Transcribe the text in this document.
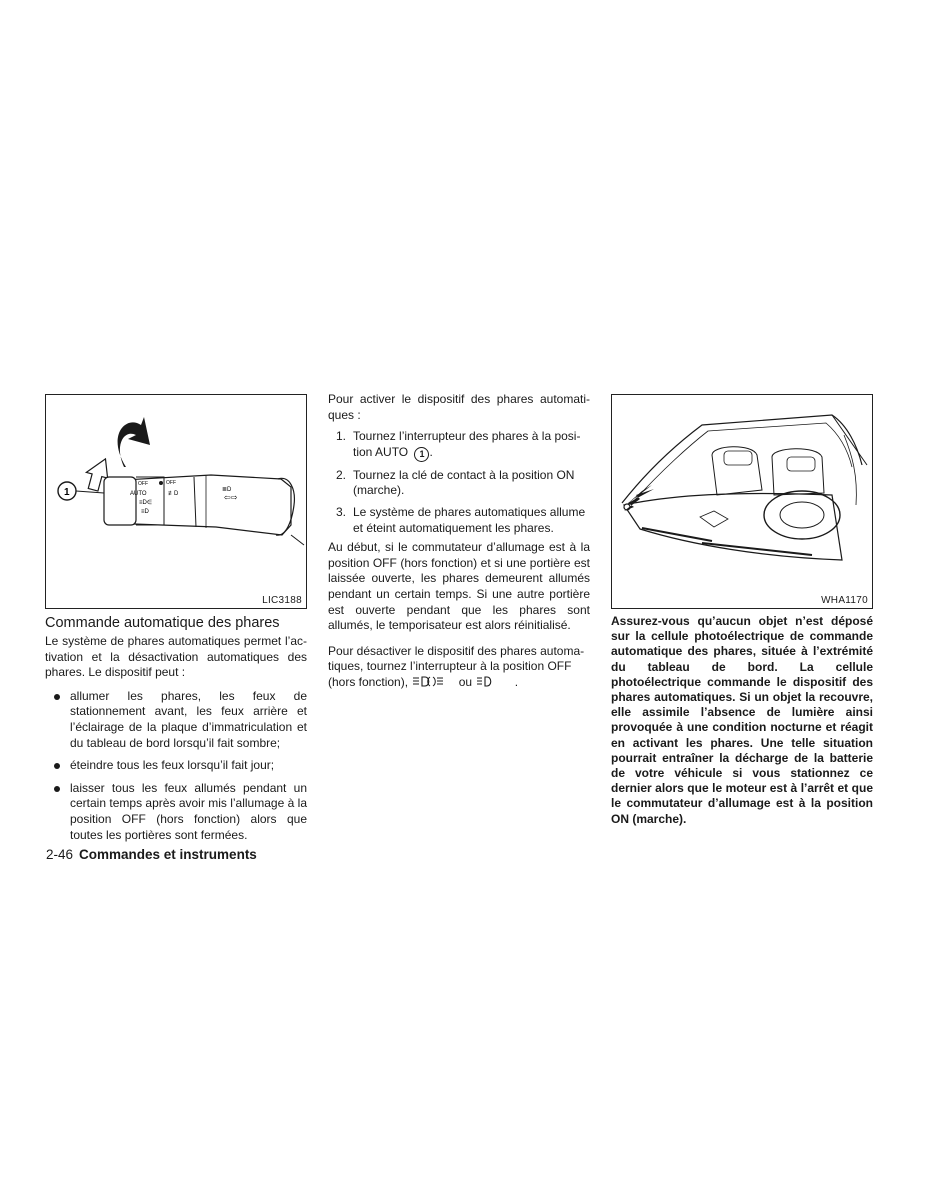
OFF
AUTO
OFF
≡D∈
≡D
≢D
≣D
⇦⇨
1
LIC3188	WHA1170
Commande automatique des phares

Le système de phares automatiques permet l’activation et la désactivation automatiques des phares. Le dispositif peut :

allumer les phares, les feux de stationnement avant, les feux arrière et l’éclairage de la plaque d’immatriculation et du tableau de bord lorsqu’il fait sombre;
éteindre tous les feux lorsqu’il fait jour;
laisser tous les feux allumés pendant un certain temps après avoir mis l’allumage à la position OFF (hors fonction) alors que toutes les portières sont fermées.

Pour activer le dispositif des phares automatiques :

1. Tournez l’interrupteur des phares à la position AUTO 1 .
2. Tournez la clé de contact à la position ON (marche).
3. Le système de phares automatiques allume et éteint automatiquement les phares.

Au début, si le commutateur d’allumage est à la position OFF (hors fonction) et si une portière est laissée ouverte, les phares demeurent allumés pendant un certain temps. Si une autre portière est ouverte pendant que les phares sont allumés, le temporisateur est alors réinitialisé.

Pour désactiver le dispositif des phares automatiques, tournez l’interrupteur à la position OFF (hors fonction),	ou	.

Assurez-vous qu’aucun objet n’est déposé sur la cellule photoélectrique de commande automatique des phares, située à l’extrémité du tableau de bord. La cellule photoélectrique commande le dispositif des phares automatiques. Si un objet la recouvre, elle assimile l’absence de lumière ainsi provoquée à une condition nocturne et réagit en activant les phares. Une telle situation pourrait entraîner la décharge de la batterie de votre véhicule si vous stationnez ce dernier alors que le moteur est à l’arrêt et que le commutateur d’allumage est à la position ON (marche).

2-46 Commandes et instruments
